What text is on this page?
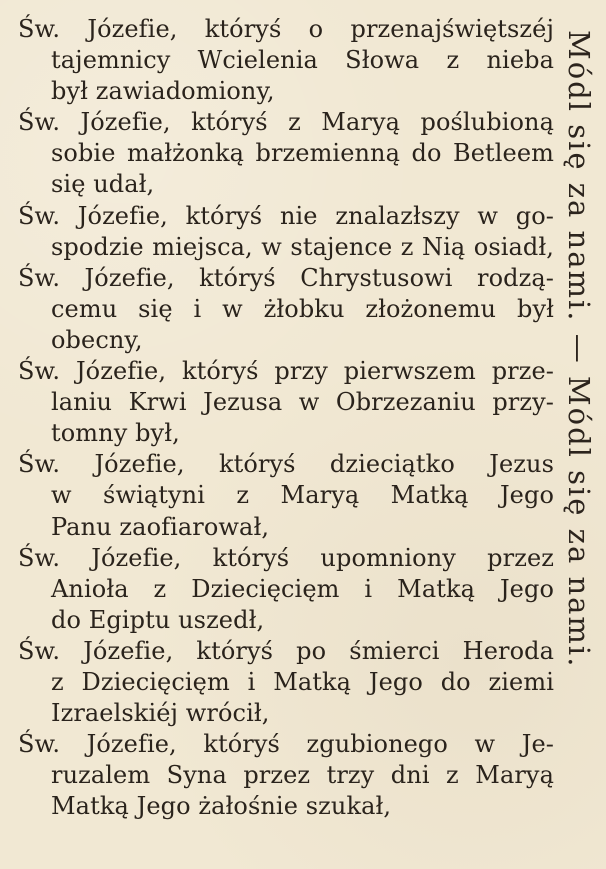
Św. Józefie, któryś o przenajświętszéj
tajemnicy Wcielenia Słowa z nieba
był zawiadomiony,
Św. Józefie, któryś z Maryą poślubioną
sobie małżonką brzemienną do Betleem
się udał,
Św. Józefie, któryś nie znalazłszy w go-
spodzie miejsca, w stajence z Nią osiadł,
Św. Józefie, któryś Chrystusowi rodzą-
cemu się i w żłobku złożonemu był
obecny,
Św. Józefie, któryś przy pierwszem prze-
laniu Krwi Jezusa w Obrzezaniu przy-
tomny był,
Św. Józefie, któryś dzieciątko Jezus
w świątyni z Maryą Matką Jego
Panu zaofiarował,
Św. Józefie, któryś upomniony przez
Anioła z Dziecięcięm i Matką Jego
do Egiptu uszedł,
Św. Józefie, któryś po śmierci Heroda
z Dziecięcięm i Matką Jego do ziemi
Izraelskiéj wrócił,
Św. Józefie, któryś zgubionego w Je-
ruzalem Syna przez trzy dni z Maryą
Matką Jego żałośnie szukał,
Módl się za nami. — Módl się za nami.
